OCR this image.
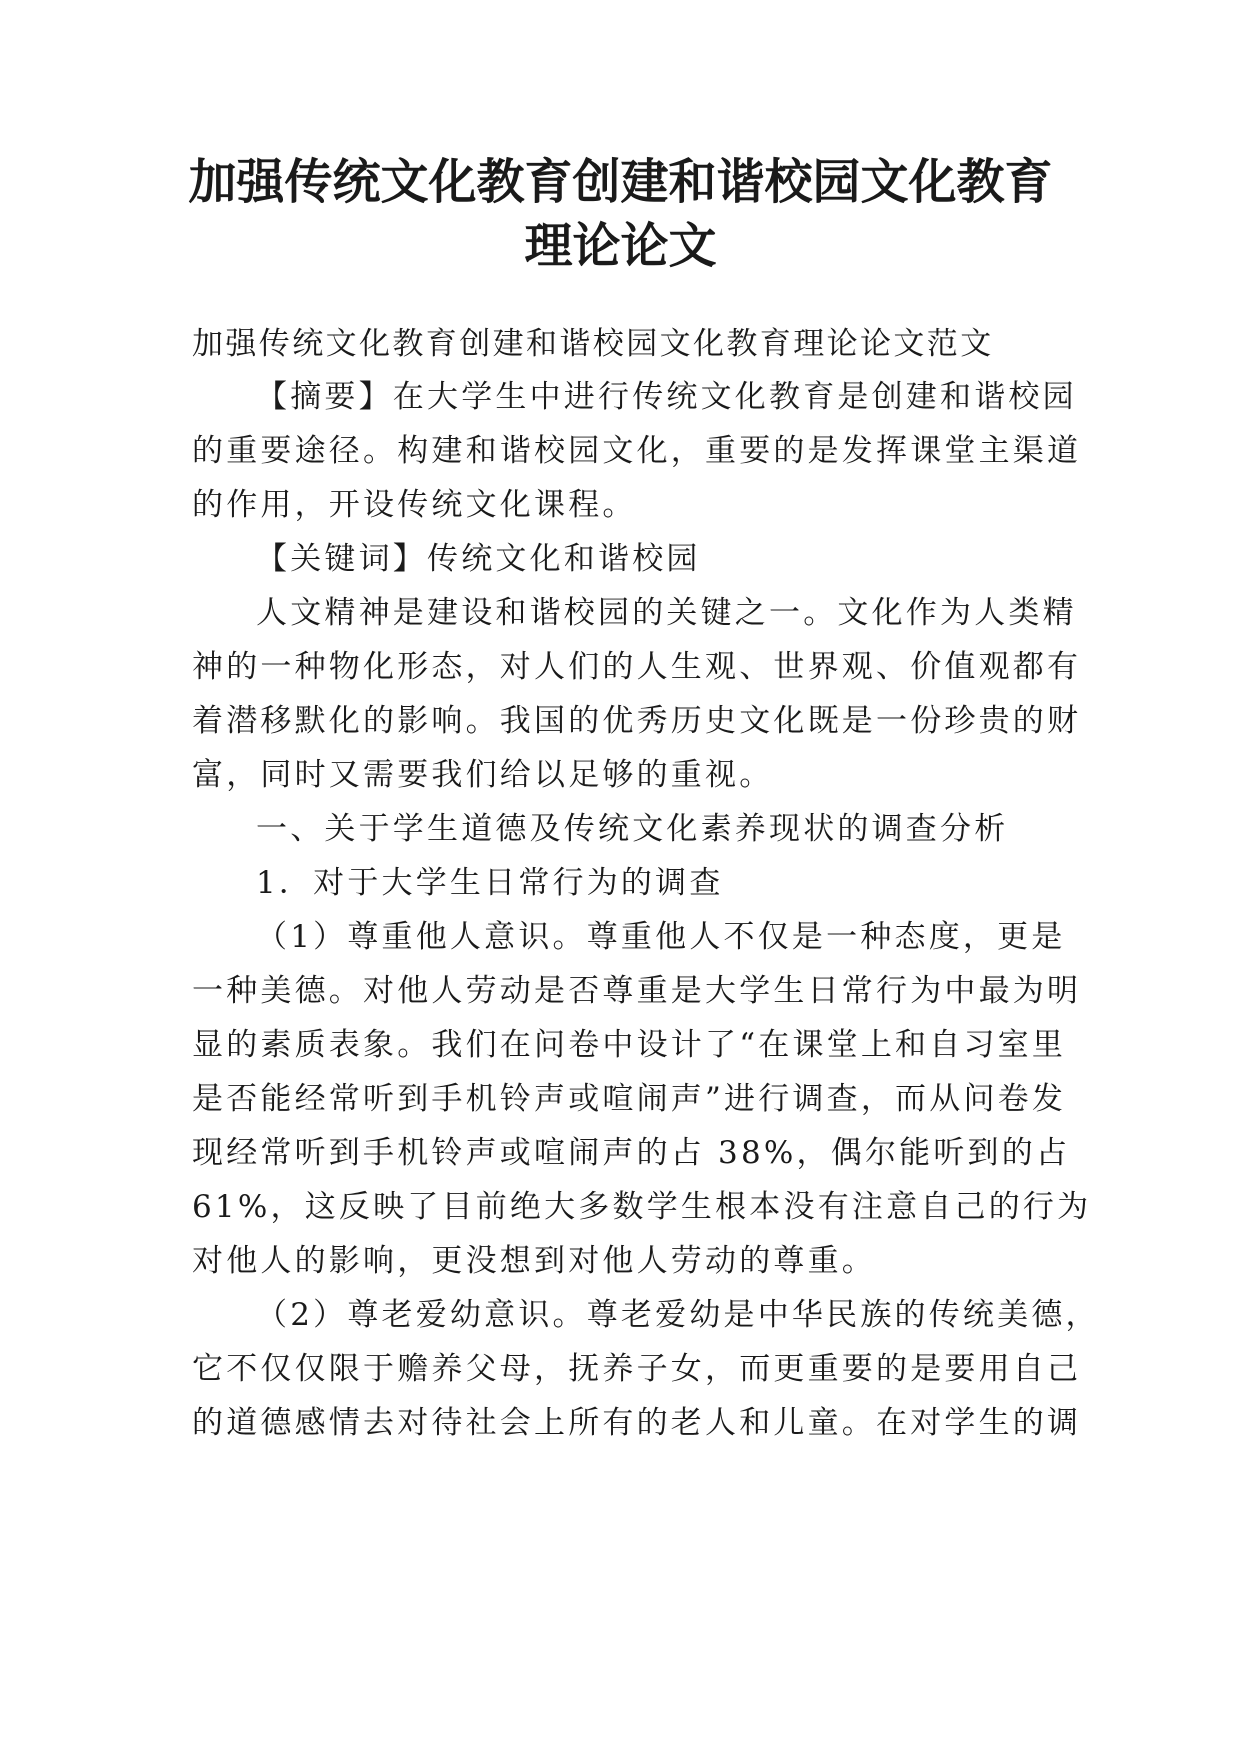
加强传统文化教育创建和谐校园文化教育
理论论文

加强传统文化教育创建和谐校园文化教育理论论文范文

【摘要】在大学生中进行传统文化教育是创建和谐校园

的重要途径。构建和谐校园文化，重要的是发挥课堂主渠道

的作用，开设传统文化课程。

【关键词】传统文化和谐校园

人文精神是建设和谐校园的关键之一。文化作为人类精

神的一种物化形态，对人们的人生观、世界观、价值观都有

着潜移默化的影响。我国的优秀历史文化既是一份珍贵的财

富，同时又需要我们给以足够的重视。

一、关于学生道德及传统文化素养现状的调查分析

1．对于大学生日常行为的调查

（1）尊重他人意识。尊重他人不仅是一种态度，更是

一种美德。对他人劳动是否尊重是大学生日常行为中最为明

显的素质表象。我们在问卷中设计了“在课堂上和自习室里

是否能经常听到手机铃声或喧闹声”进行调查，而从问卷发

现经常听到手机铃声或喧闹声的占 38%，偶尔能听到的占

61%，这反映了目前绝大多数学生根本没有注意自己的行为

对他人的影响，更没想到对他人劳动的尊重。

（2）尊老爱幼意识。尊老爱幼是中华民族的传统美德，

它不仅仅限于赡养父母，抚养子女，而更重要的是要用自己

的道德感情去对待社会上所有的老人和儿童。在对学生的调
